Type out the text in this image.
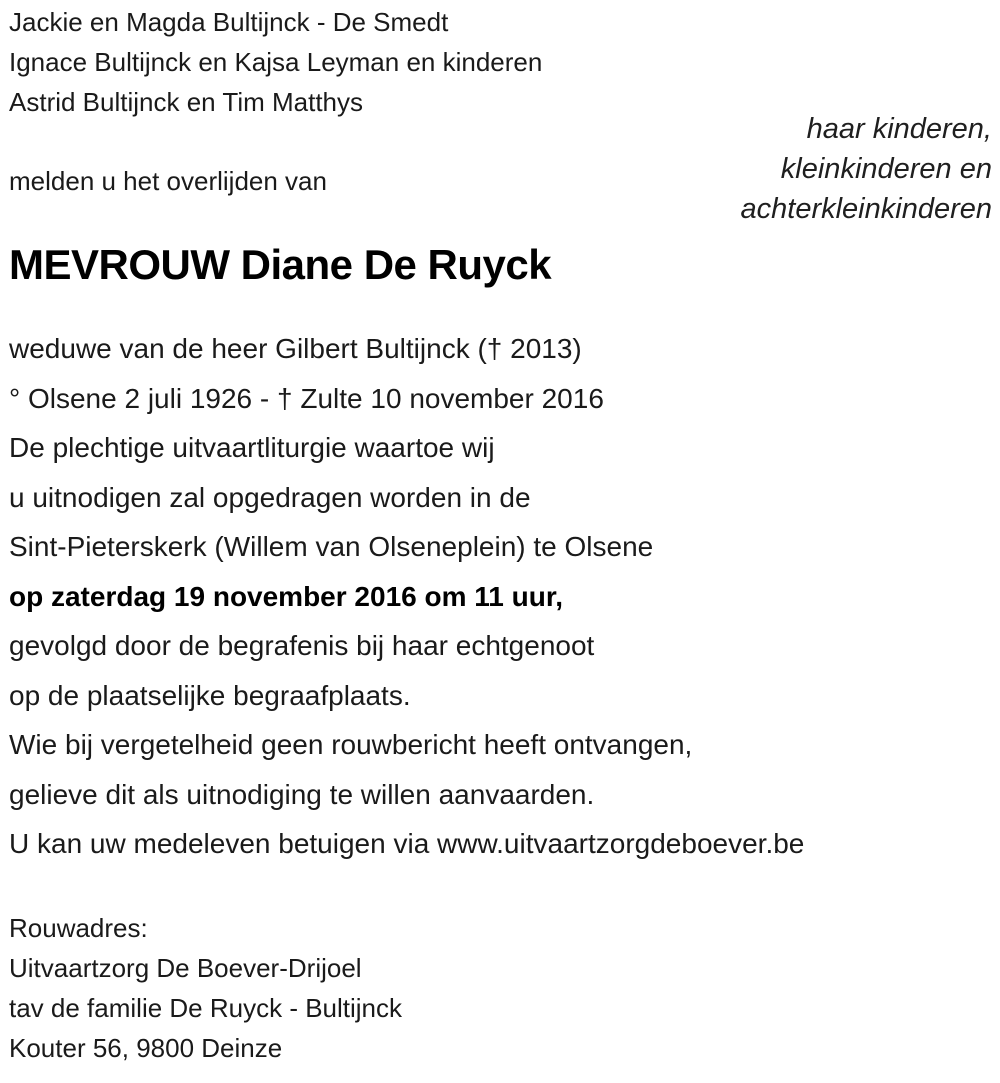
Jackie en Magda Bultijnck - De Smedt
Ignace Bultijnck en Kajsa Leyman en kinderen
Astrid Bultijnck en Tim Matthys
haar kinderen,
kleinkinderen en
achterkleinkinderen
melden u het overlijden van
MEVROUW Diane De Ruyck
weduwe van de heer Gilbert Bultijnck († 2013)
° Olsene 2 juli 1926 - † Zulte 10 november 2016
De plechtige uitvaartliturgie waartoe wij
u uitnodigen zal opgedragen worden in de
Sint-Pieterskerk (Willem van Olseneplein) te Olsene
op zaterdag 19 november 2016 om 11 uur,
gevolgd door de begrafenis bij haar echtgenoot
op de plaatselijke begraafplaats.
Wie bij vergetelheid geen rouwbericht heeft ontvangen,
gelieve dit als uitnodiging te willen aanvaarden.
U kan uw medeleven betuigen via www.uitvaartzorgdeboever.be
Rouwadres:
Uitvaartzorg De Boever-Drijoel
tav de familie De Ruyck - Bultijnck
Kouter 56, 9800 Deinze
